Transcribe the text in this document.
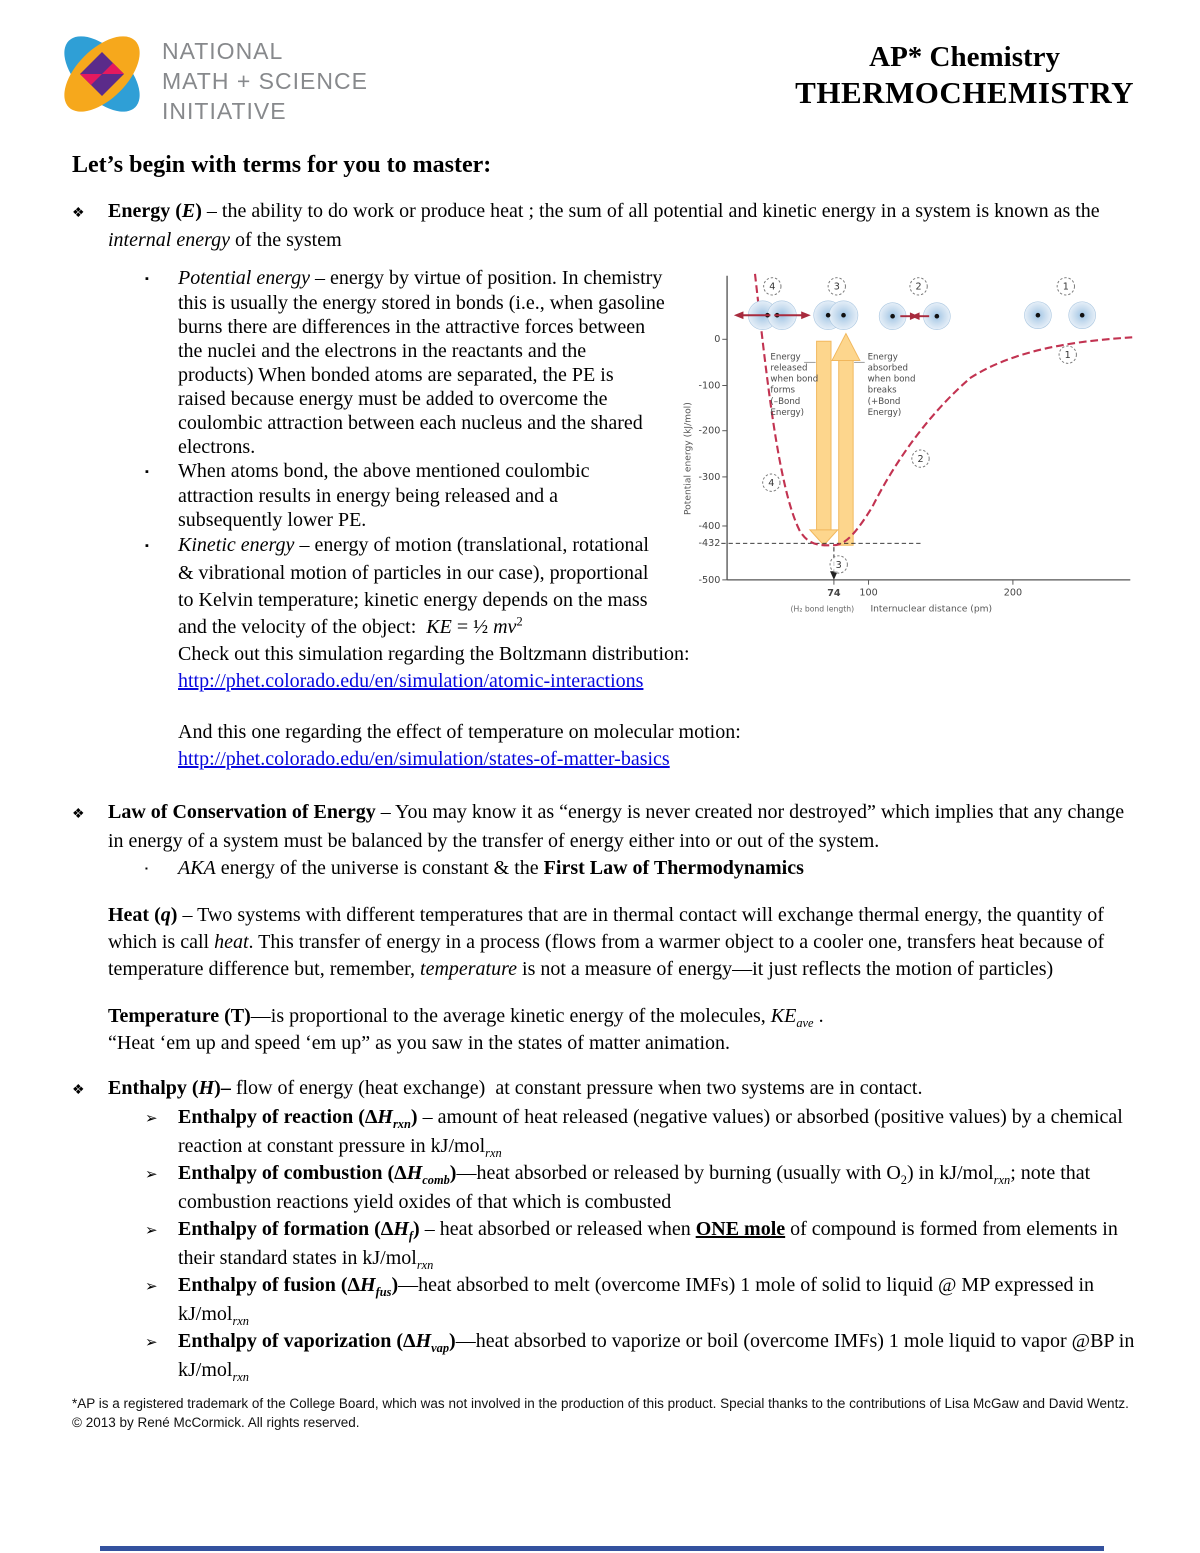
NATIONAL
MATH + SCIENCE
INITIATIVE
AP* Chemistry
THERMOCHEMISTRY

Let’s begin with terms for you to master:

❖ Energy (E) – the ability to do work or produce heat ; the sum of all potential and kinetic energy in a system is known as the internal energy of the system

0
-100
-200
-300
-400
-432
-500
74 100	200
Potential energy (kJ/mol)
(H₂ bond length) Internuclear distance (pm)
Energy
released
when bond
forms
(–Bond
Energy)
Energy
absorbed
when bond
breaks
(+Bond
Energy)
4	3	2	1
4
2
3
1

▪ Potential energy – energy by virtue of position. In chemistry this is usually the energy stored in bonds (i.e., when gasoline burns there are differences in the attractive forces between the nuclei and the electrons in the reactants and the products) When bonded atoms are separated, the PE is raised because energy must be added to overcome the coulombic attraction between each nucleus and the shared electrons.

▪ When atoms bond, the above mentioned coulombic attraction results in energy being released and a subsequently lower PE.

▪ Kinetic energy – energy of motion (translational, rotational & vibrational motion of particles in our case), proportional to Kelvin temperature; kinetic energy depends on the mass and the velocity of the object:  KE = ½ $mv^2$
Check out this simulation regarding the Boltzmann distribution:

http://phet.colorado.edu/en/simulation/atomic-interactions

And this one regarding the effect of temperature on molecular motion:

http://phet.colorado.edu/en/simulation/states-of-matter-basics

❖ Law of Conservation of Energy – You may know it as “energy is never created nor destroyed” which implies that any change in energy of a system must be balanced by the transfer of energy either into or out of the system.

▪ AKA energy of the universe is constant & the First Law of Thermodynamics

Heat (q) – Two systems with different temperatures that are in thermal contact will exchange thermal energy, the quantity of which is call heat. This transfer of energy in a process (flows from a warmer object to a cooler one, transfers heat because of temperature difference but, remember, temperature is not a measure of energy—it just reflects the motion of particles)

Temperature (T)—is proportional to the average kinetic energy of the molecules, $KE_{ave}$ .
“Heat ‘em up and speed ‘em up” as you saw in the states of matter animation.

❖ Enthalpy (H)– flow of energy (heat exchange)  at constant pressure when two systems are in contact.

➢ Enthalpy of reaction $(\Delta H_{rxn})$ – amount of heat released (negative values) or absorbed (positive values) by a chemical reaction at constant pressure in kJ/mol$_{rxn}$

➢ Enthalpy of combustion $(\Delta H_{comb})—heat$ absorbed or released by burning (usually with $O_2$) in kJ/mol$_{rxn}$; note that combustion reactions yield oxides of that which is combusted

➢ Enthalpy of formation $(\Delta H_f)$ – heat absorbed or released when ONE mole of compound is formed from elements in their standard states in kJ/mol$_{rxn}$

➢ Enthalpy of fusion $(\Delta H_{fus})—heat$ absorbed to melt (overcome IMFs) 1 mole of solid to liquid @ MP expressed in kJ/mol$_{rxn}$

➢ Enthalpy of vaporization $(\Delta H_{vap})—heat$ absorbed to vaporize or boil (overcome IMFs) 1 mole liquid to vapor @BP in kJ/mol$_{rxn}$

*AP is a registered trademark of the College Board, which was not involved in the production of this product. Special thanks to the contributions of Lisa McGaw and David Wentz. © 2013 by René McCormick. All rights reserved.
